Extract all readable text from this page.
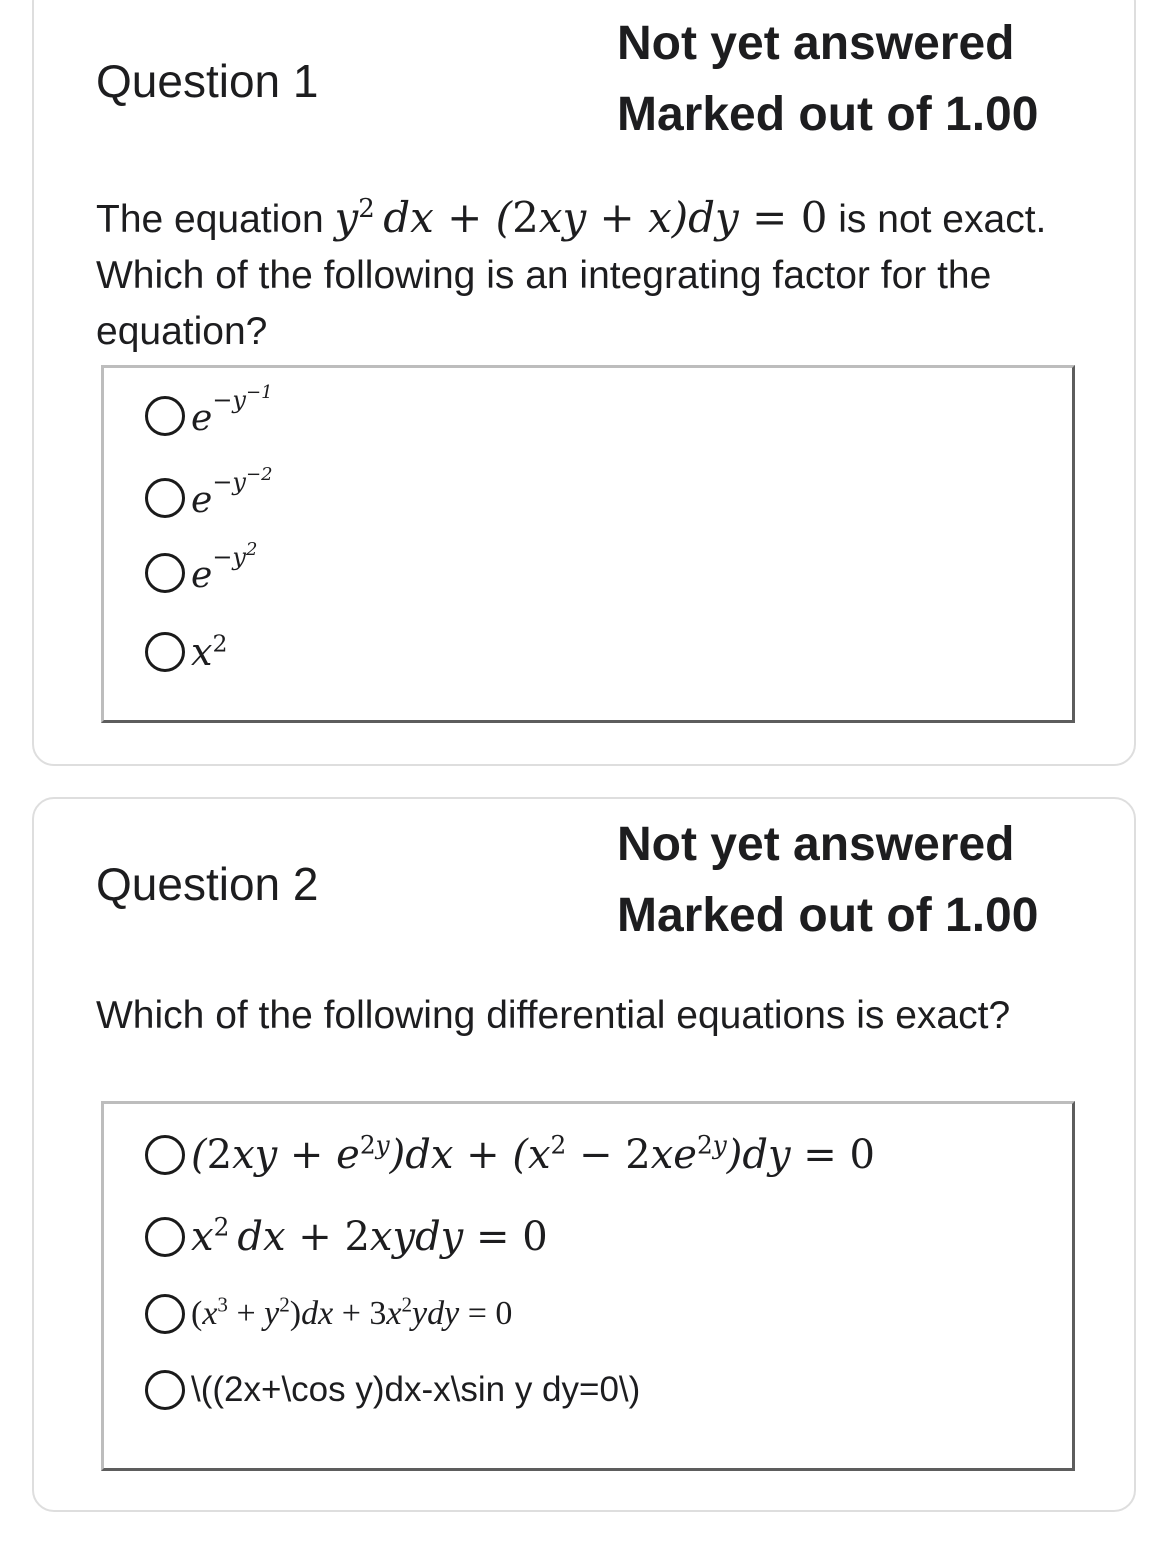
Question 1
Not yet answered
Marked out of 1.00

The equation $y^2$ dx + (2xy + x)dy = 0 is not exact. Which of the following is an integrating factor for the equation?

$e^{-y^{-1}}$
$e^{-y^{-2}}$
$e^{-y^2}$
$x^2$
Question 2
Not yet answered
Marked out of 1.00

Which of the following differential equations is exact?

$(2xy + e^{2y})dx + (x^2 - 2xe^{2y})dy = 0$
$x^2$ dx + 2xydy = 0
$(x^3 + y^2)dx + 3x^2ydy = 0$
\((2x+\cos y)dx-x\sin y dy=0\)
